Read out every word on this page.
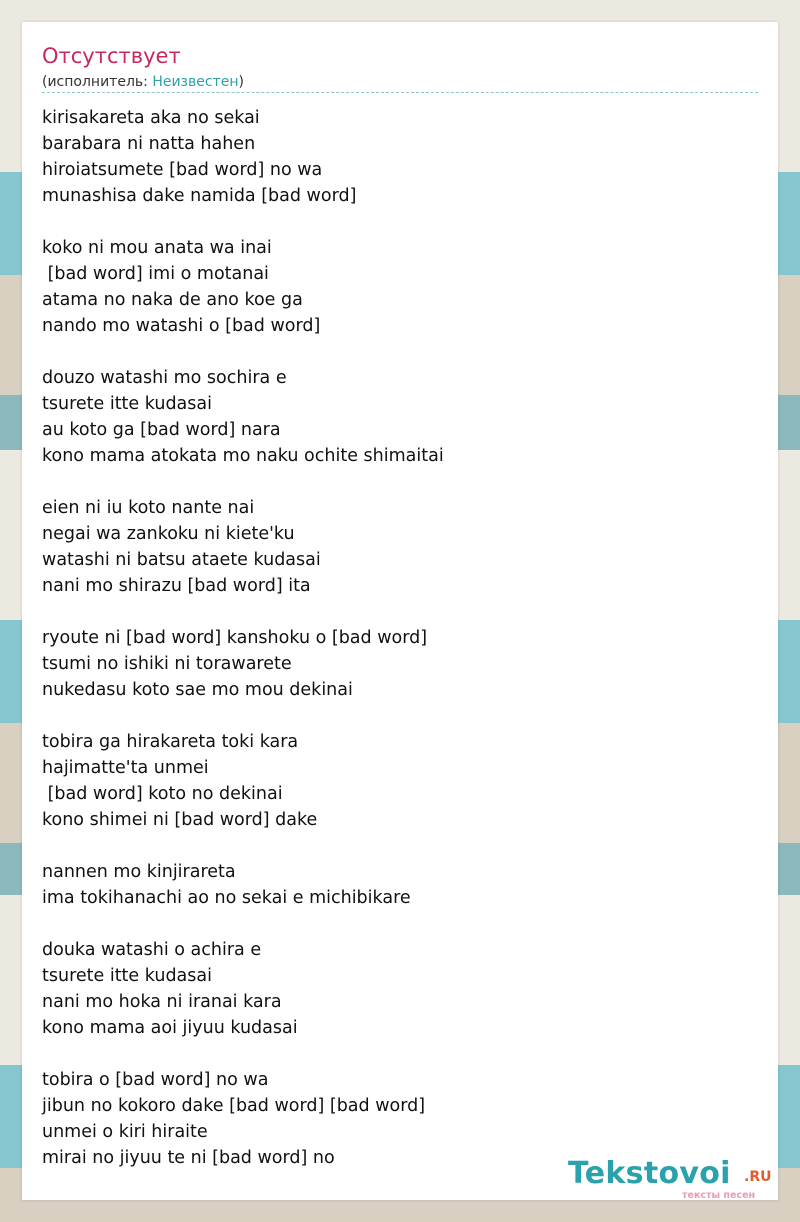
Отсутствует
(исполнитель: Неизвестен)
kirisakareta aka no sekai
barabara ni natta hahen
hiroiatsumete [bad word] no wa
munashisa dake namida [bad word]

koko ni mou anata wa inai
[bad word] imi o motanai
atama no naka de ano koe ga
nando mo watashi o [bad word]

douzo watashi mo sochira e
tsurete itte kudasai
au koto ga [bad word] nara
kono mama atokata mo naku ochite shimaitai

eien ni iu koto nante nai
negai wa zankoku ni kiete'ku
watashi ni batsu ataete kudasai
nani mo shirazu [bad word] ita

ryoute ni [bad word] kanshoku o [bad word]
tsumi no ishiki ni torawarete
nukedasu koto sae mo mou dekinai

tobira ga hirakareta toki kara
hajimatte'ta unmei
[bad word] koto no dekinai
kono shimei ni [bad word] dake

nannen mo kinjirareta
ima tokihanachi ao no sekai e michibikare

douka watashi o achira e
tsurete itte kudasai
nani mo hoka ni iranai kara
kono mama aoi jiyuu kudasai

tobira o [bad word] no wa
jibun no kokoro dake [bad word] [bad word]
unmei o kiri hiraite
mirai no jiyuu te ni [bad word] no	Tekstovoi .RU
тексты песен
